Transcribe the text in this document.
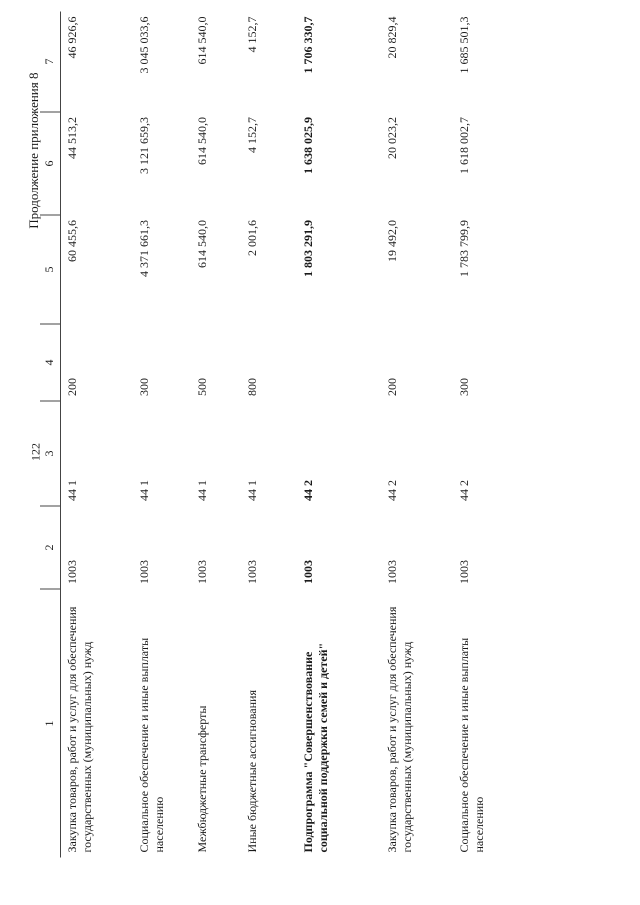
122
Продолжение приложения 8
1	2	3	4	5	6	7
Закупка товаров, работ и услуг для обеспечения государственных (муниципальных) нужд	1003	44 1	200	60 455,6	44 513,2	46 926,6
Социальное обеспечение и иные выплаты населению	1003	44 1	300	4 371 661,3	3 121 659,3	3 045 033,6
Межбюджетные трансферты	1003	44 1	500	614 540,0	614 540,0	614 540,0
Иные бюджетные ассигнования	1003	44 1	800	2 001,6	4 152,7	4 152,7
Подпрограмма "Совершенствование социальной поддержки семей и детей"	1003	44 2		1 803 291,9	1 638 025,9	1 706 330,7
Закупка товаров, работ и услуг для обеспечения государственных (муниципальных) нужд	1003	44 2	200	19 492,0	20 023,2	20 829,4
Социальное обеспечение и иные выплаты населению	1003	44 2	300	1 783 799,9	1 618 002,7	1 685 501,3
